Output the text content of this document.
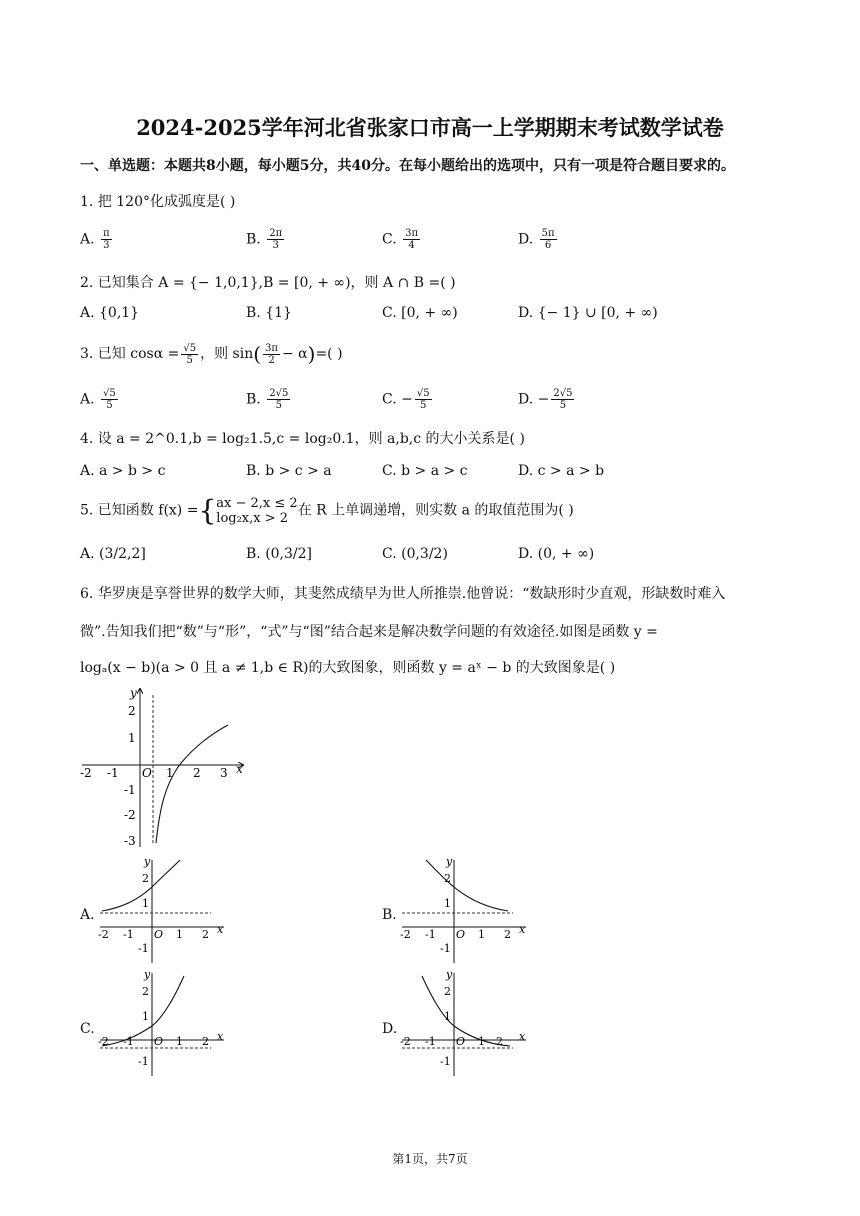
2024-2025学年河北省张家口市高一上学期期末考试数学试卷
一、单选题：本题共8小题，每小题5分，共40分。在每小题给出的选项中，只有一项是符合题目要求的。
1. 把 120°化成弧度是( )
A. $\frac{\pi}{3}$	B. $\frac{2\pi}{3}$	C. $\frac{3\pi}{4}$	D. $\frac{5\pi}{6}$
2. 已知集合 A = {− 1,0,1},B = [0, + ∞)，则 A ∩ B =( )
A. {0,1}	B. {1}	C. [0, + ∞)	D. {− 1} ∪ [0, + ∞)
3. 已知 $\cos\alpha = \frac{√5}{5}$ ，则 $\sin( \frac{3\pi}{2} - \alpha)=$( )
A. $\frac{√5}{5}$	B. $\frac{2√5}{5}$	C. − $\frac{√5}{5}$	D. − $\frac{2√5}{5}$
4. 设 a = 2^0.1,b = log₂1.5,c = log₂0.1，则 a,b,c 的大小关系是( )
A. a > b > c	B. b > c > a	C. b > a > c	D. c > a > b
5. 已知函数 f(x) ={ ax − 2,x ≤ 2
log₂x,x > 2 在 R 上单调递增，则实数 a 的取值范围为( )
A. (3/2,2]	B. (0,3/2]	C. (0,3/2)	D. (0, + ∞)
6. 华罗庚是享誉世界的数学大师，其斐然成绩早为世人所推崇.他曾说：“数缺形时少直观，形缺数时难入
微”.告知我们把“数”与“形”，“式”与“图”结合起来是解决数学问题的有效途径.如图是函数 y =
logₐ(x − b)(a > 0 且 a ≠ 1,b ∈ R)的大致图象，则函数 y = aˣ − b 的大致图象是( )
-2 -1	1 2 3
O	x
y
2
1
-1
-2
-3
A.
-2 -1	1 2
O	x
y
2
1
-1
B.
-2 -1	1 2
O	x
y
2
1
-1
C.
-2 -1	1 2
O	x
y
2
1
-1
D.
-2 -1	1 2
O	x
y
2
1
-1
第1页，共7页
